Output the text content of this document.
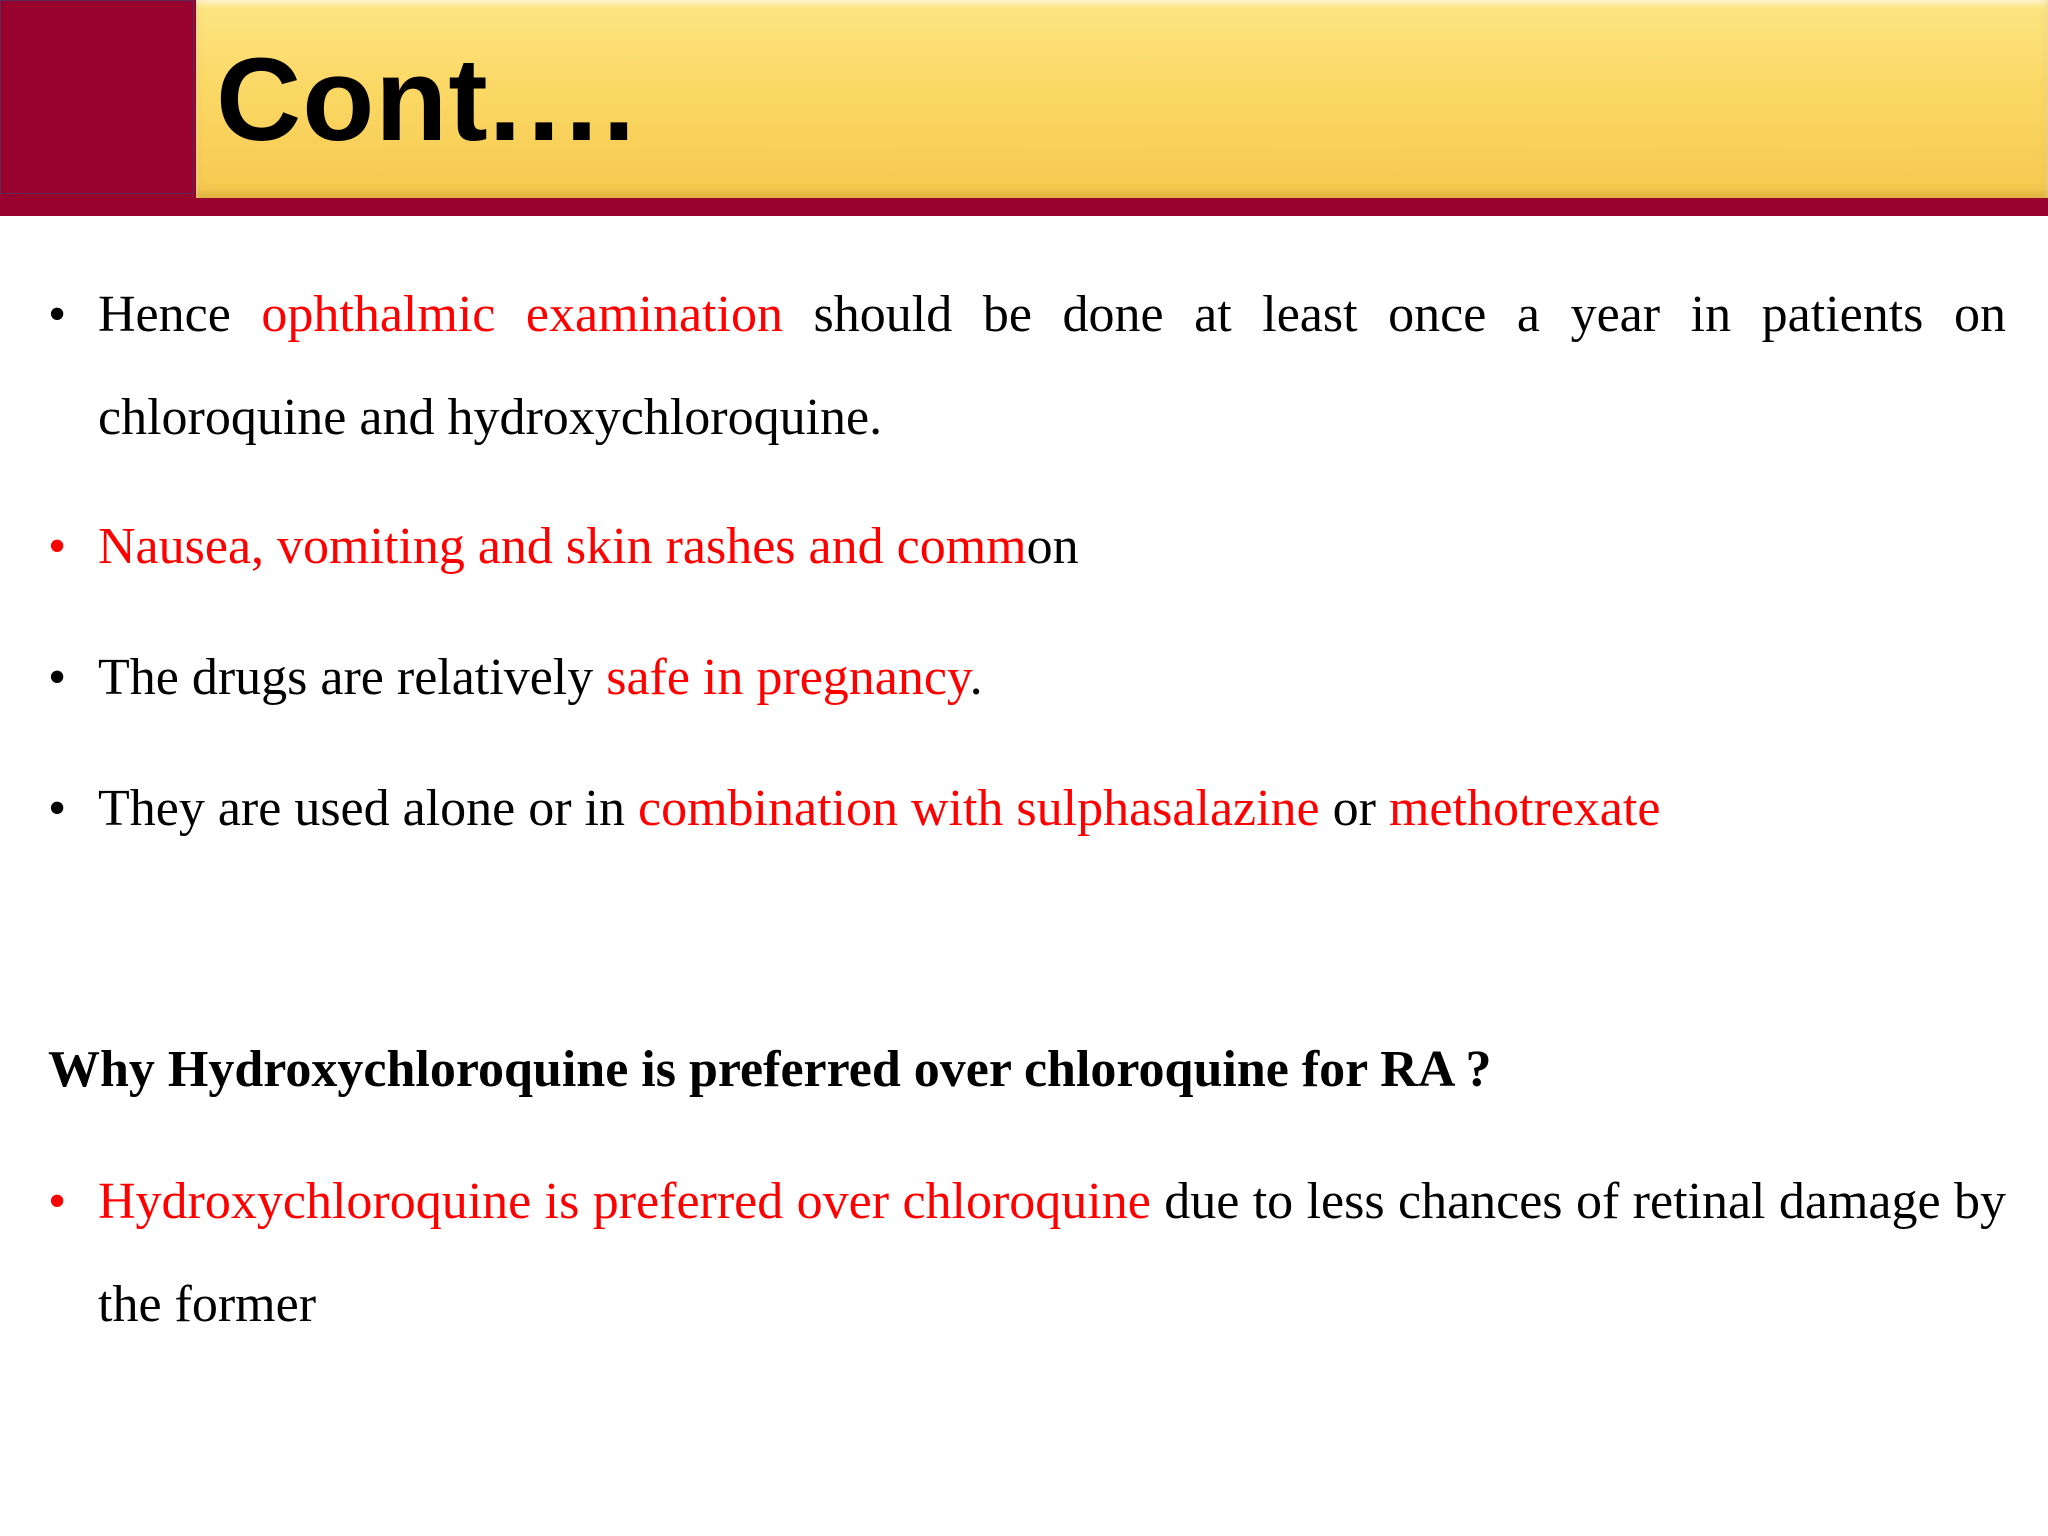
Cont.…
• Hence ophthalmic examination should be done at least once a year in patients on chloroquine and hydroxychloroquine.
• Nausea, vomiting and skin rashes and common
• The drugs are relatively safe in pregnancy.
• They are used alone or in combination with sulphasalazine or methotrexate
Why Hydroxychloroquine is preferred over chloroquine for RA ?
• Hydroxychloroquine is preferred over chloroquine due to less chances of retinal damage by the former
